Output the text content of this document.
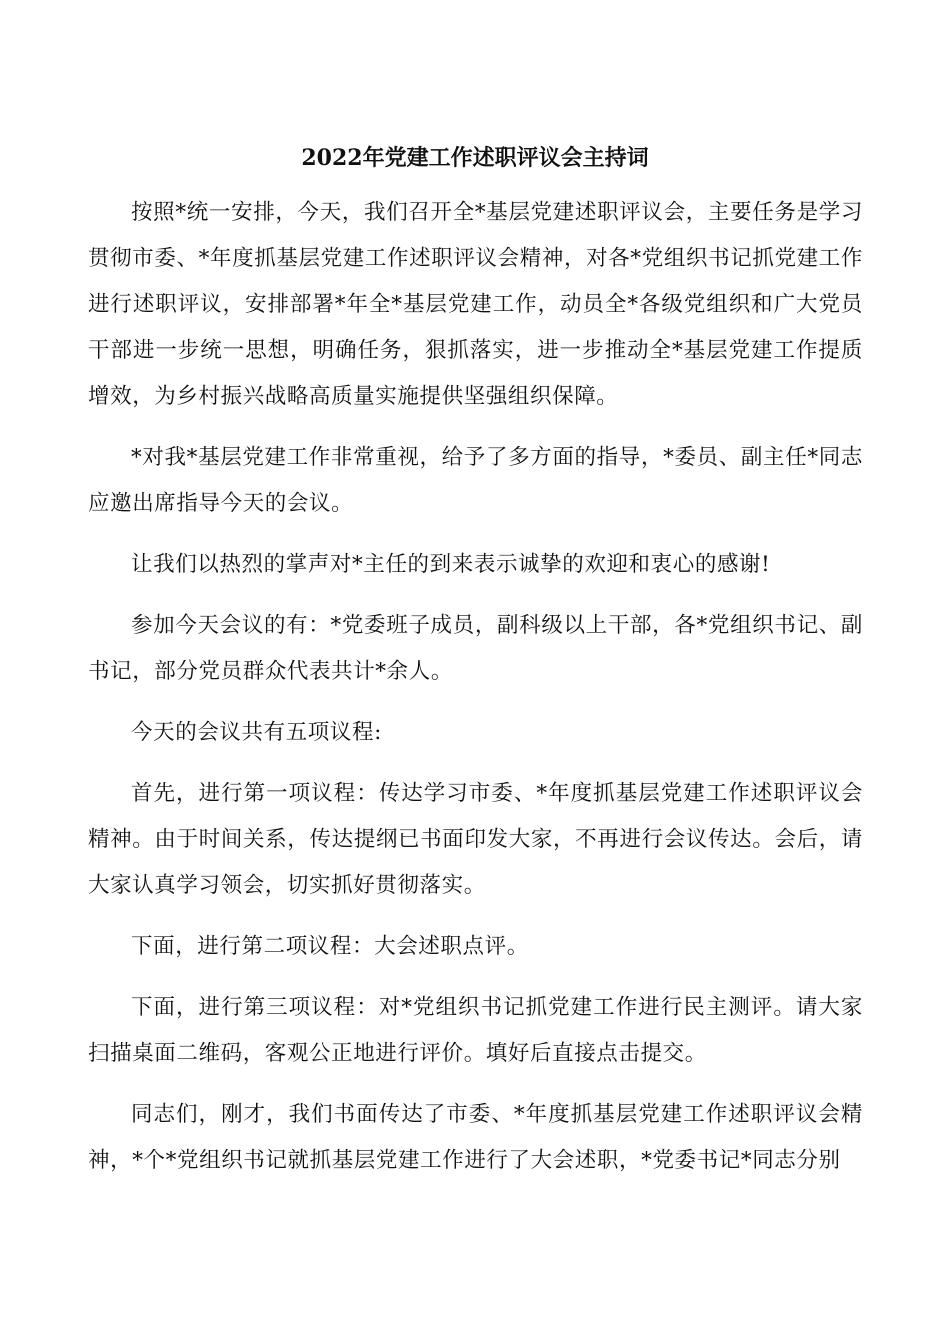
2022年党建工作述职评议会主持词

按照*统一安排，今天，我们召开全*基层党建述职评议会，主要任务是学习贯彻市委、*年度抓基层党建工作述职评议会精神，对各*党组织书记抓党建工作进行述职评议，安排部署*年全*基层党建工作，动员全*各级党组织和广大党员干部进一步统一思想，明确任务，狠抓落实，进一步推动全*基层党建工作提质增效，为乡村振兴战略高质量实施提供坚强组织保障。

*对我*基层党建工作非常重视，给予了多方面的指导，*委员、副主任*同志应邀出席指导今天的会议。

让我们以热烈的掌声对*主任的到来表示诚挚的欢迎和衷心的感谢!

参加今天会议的有：*党委班子成员，副科级以上干部，各*党组织书记、副书记，部分党员群众代表共计*余人。

今天的会议共有五项议程:

首先，进行第一项议程：传达学习市委、*年度抓基层党建工作述职评议会精神。由于时间关系，传达提纲已书面印发大家，不再进行会议传达。会后，请大家认真学习领会，切实抓好贯彻落实。

下面，进行第二项议程：大会述职点评。

下面，进行第三项议程：对*党组织书记抓党建工作进行民主测评。请大家扫描桌面二维码，客观公正地进行评价。填好后直接点击提交。

同志们，刚才，我们书面传达了市委、*年度抓基层党建工作述职评议会精神，*个*党组织书记就抓基层党建工作进行了大会述职，*党委书记*同志分别
